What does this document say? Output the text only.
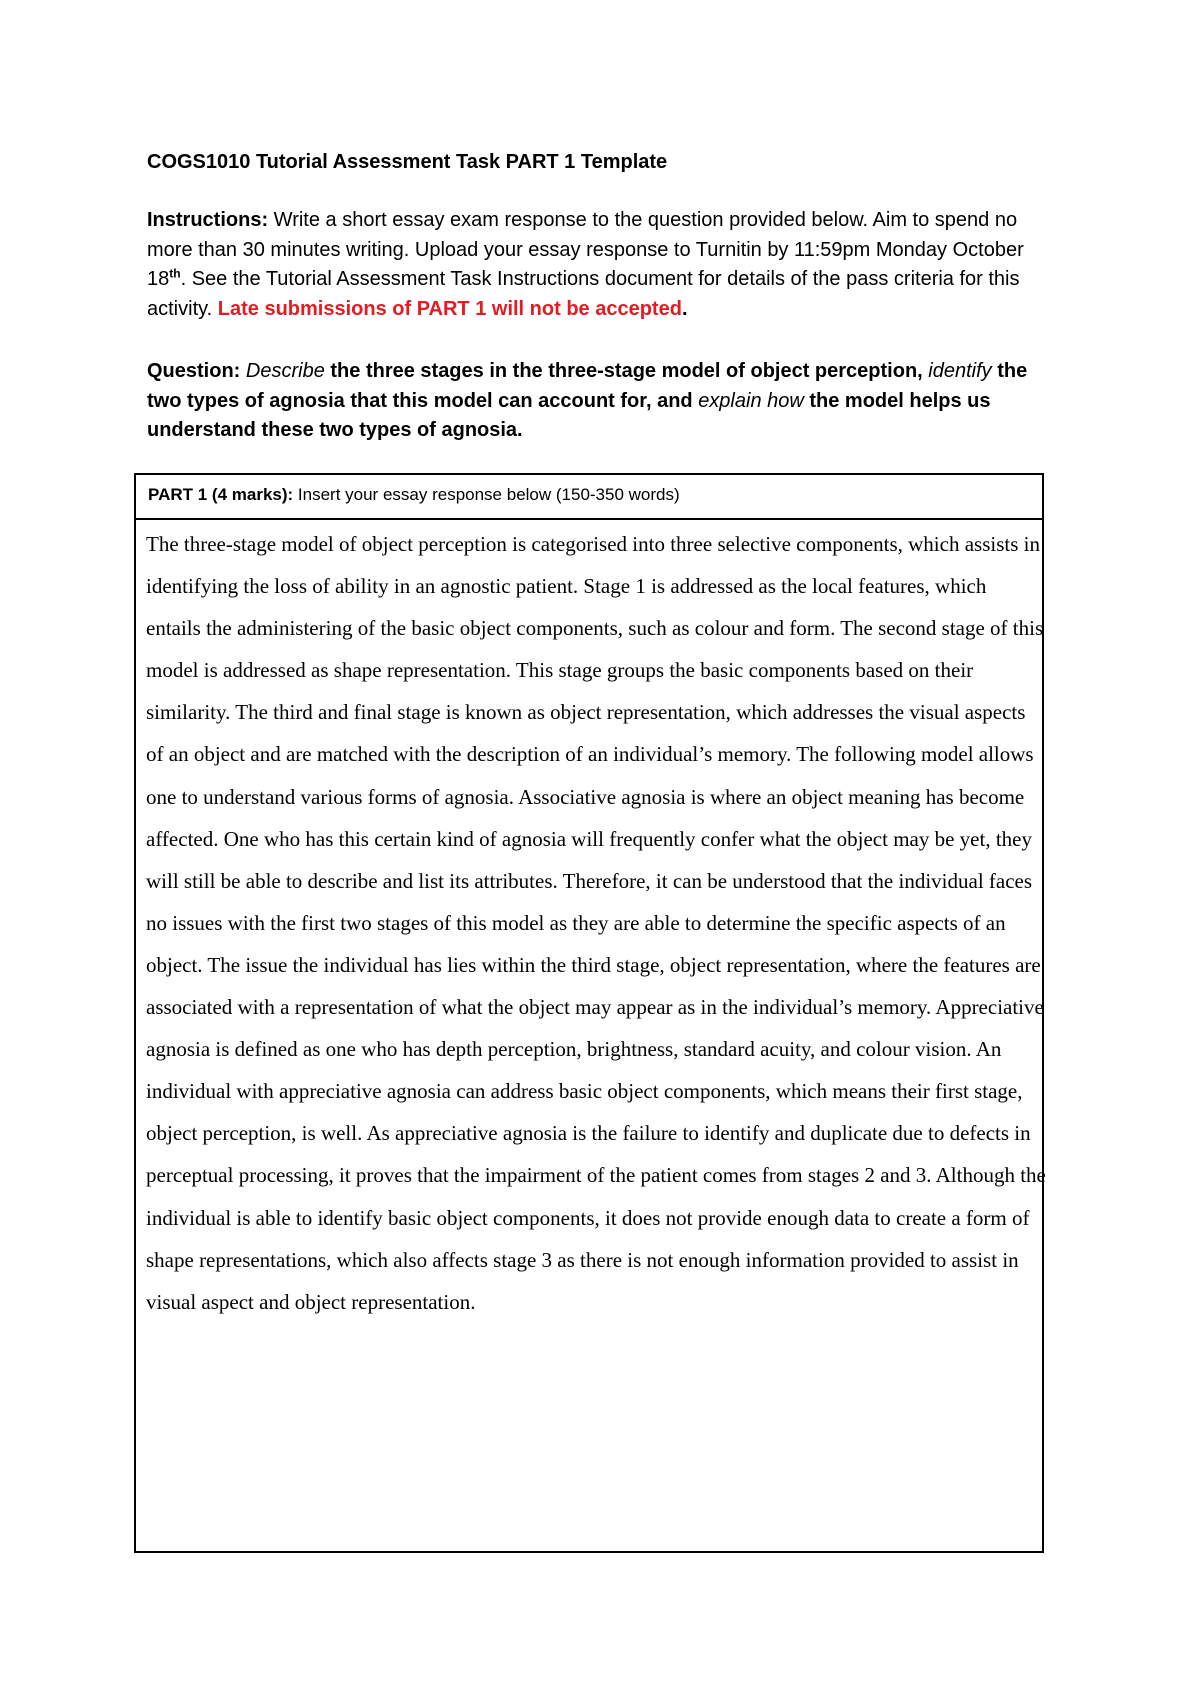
COGS1010 Tutorial Assessment Task PART 1 Template
Instructions: Write a short essay exam response to the question provided below. Aim to spend no more than 30 minutes writing. Upload your essay response to Turnitin by 11:59pm Monday October 18th. See the Tutorial Assessment Task Instructions document for details of the pass criteria for this activity. Late submissions of PART 1 will not be accepted.
Question: Describe the three stages in the three-stage model of object perception, identify the two types of agnosia that this model can account for, and explain how the model helps us understand these two types of agnosia.
PART 1 (4 marks): Insert your essay response below (150-350 words)

The three-stage model of object perception is categorised into three selective components, which assists in identifying the loss of ability in an agnostic patient. Stage 1 is addressed as the local features, which entails the administering of the basic object components, such as colour and form. The second stage of this model is addressed as shape representation. This stage groups the basic components based on their similarity. The third and final stage is known as object representation, which addresses the visual aspects of an object and are matched with the description of an individual’s memory. The following model allows one to understand various forms of agnosia. Associative agnosia is where an object meaning has become affected. One who has this certain kind of agnosia will frequently confer what the object may be yet, they will still be able to describe and list its attributes. Therefore, it can be understood that the individual faces no issues with the first two stages of this model as they are able to determine the specific aspects of an object. The issue the individual has lies within the third stage, object representation, where the features are associated with a representation of what the object may appear as in the individual’s memory. Appreciative agnosia is defined as one who has depth perception, brightness, standard acuity, and colour vision. An individual with appreciative agnosia can address basic object components, which means their first stage, object perception, is well. As appreciative agnosia is the failure to identify and duplicate due to defects in perceptual processing, it proves that the impairment of the patient comes from stages 2 and 3. Although the individual is able to identify basic object components, it does not provide enough data to create a form of shape representations, which also affects stage 3 as there is not enough information provided to assist in visual aspect and object representation.
